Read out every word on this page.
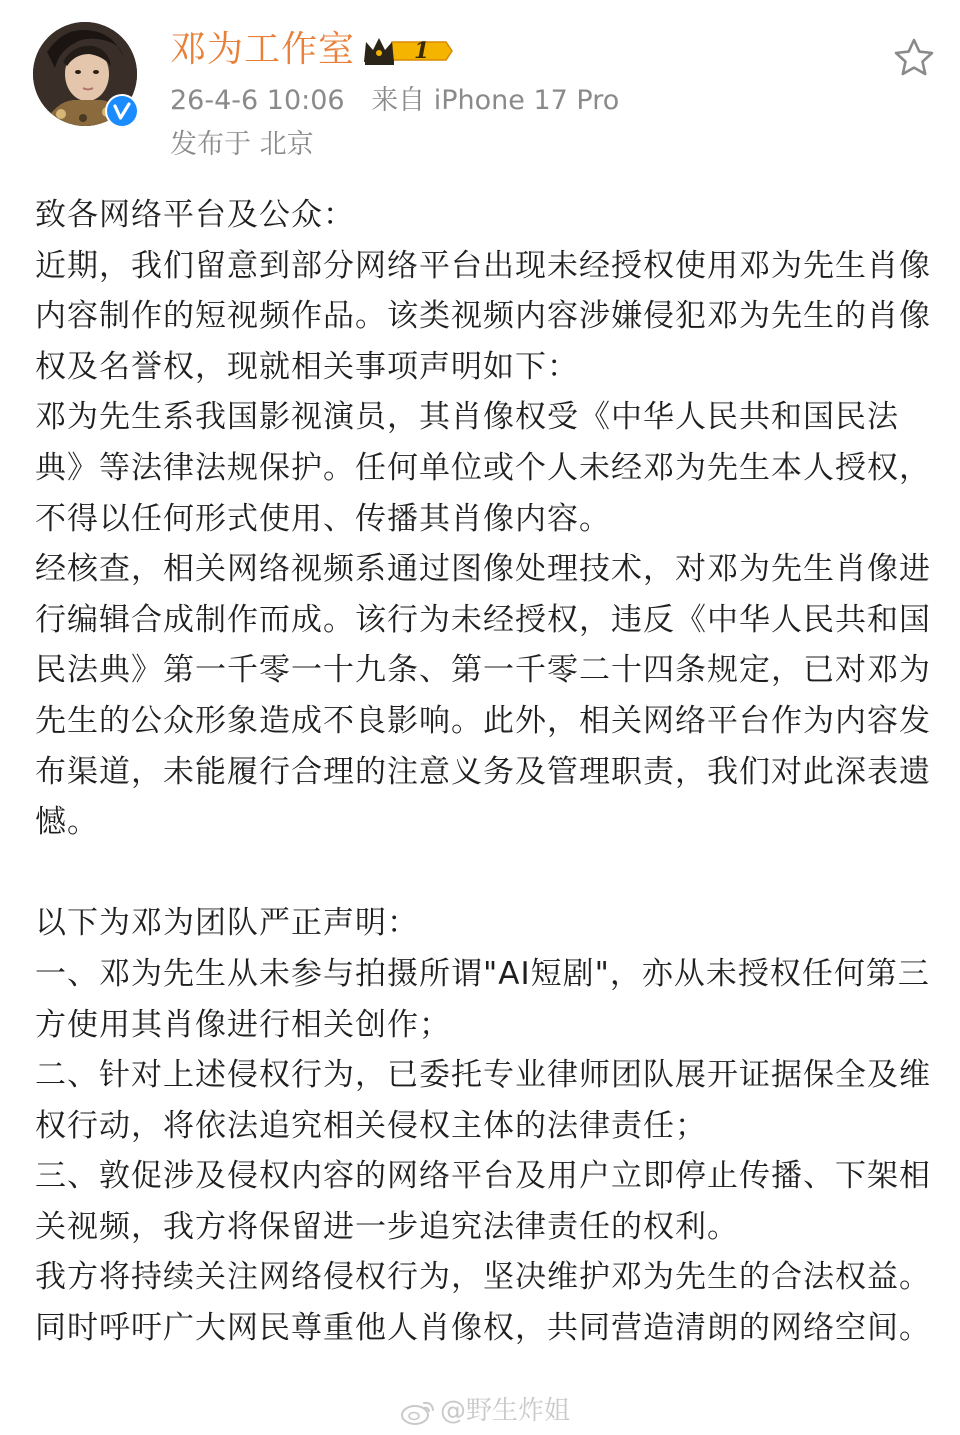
邓为工作室	1
26-4-6 10:06 来自 iPhone 17 Pro
发布于 北京

致各网络平台及公众：

近期，我们留意到部分网络平台出现未经授权使用邓为先生肖像内容制作的短视频作品。该类视频内容涉嫌侵犯邓为先生的肖像权及名誉权，现就相关事项声明如下：

邓为先生系我国影视演员，其肖像权受《中华人民共和国民法典》等法律法规保护。任何单位或个人未经邓为先生本人授权，不得以任何形式使用、传播其肖像内容。

经核查，相关网络视频系通过图像处理技术，对邓为先生肖像进行编辑合成制作而成。该行为未经授权，违反《中华人民共和国民法典》第一千零一十九条、第一千零二十四条规定，已对邓为先生的公众形象造成不良影响。此外，相关网络平台作为内容发布渠道，未能履行合理的注意义务及管理职责，我们对此深表遗憾。

以下为邓为团队严正声明：

一、邓为先生从未参与拍摄所谓"AI短剧"，亦从未授权任何第三方使用其肖像进行相关创作；

二、针对上述侵权行为，已委托专业律师团队展开证据保全及维权行动，将依法追究相关侵权主体的法律责任；

三、敦促涉及侵权内容的网络平台及用户立即停止传播、下架相关视频，我方将保留进一步追究法律责任的权利。

我方将持续关注网络侵权行为，坚决维护邓为先生的合法权益。同时呼吁广大网民尊重他人肖像权，共同营造清朗的网络空间。

@野生炸姐
